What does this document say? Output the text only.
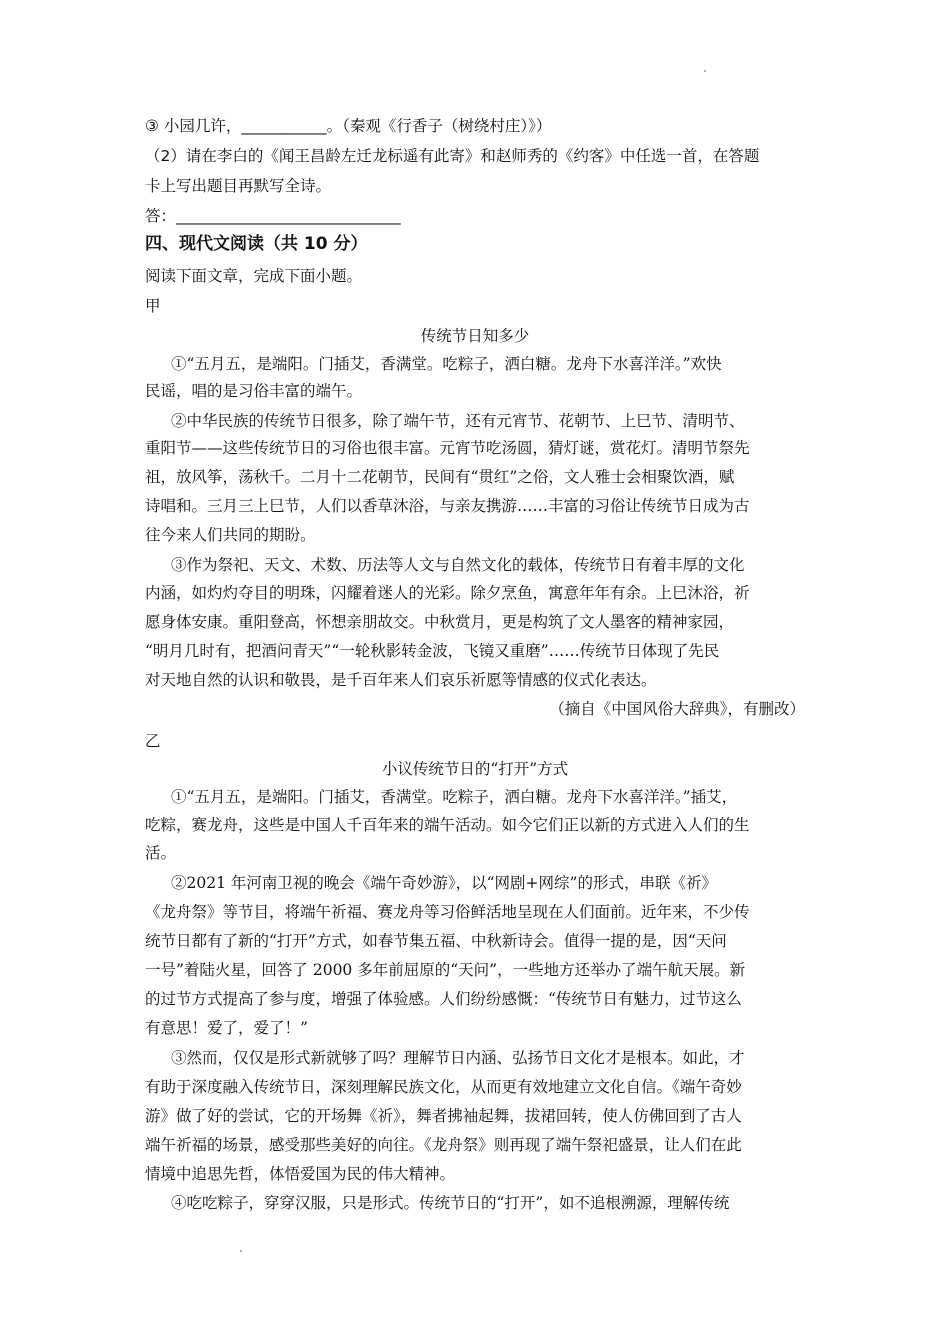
③ 小园几许，___________。（秦观《行香子（树绕村庄）》）
（2）请在李白的《闻王昌龄左迁龙标遥有此寄》和赵师秀的《约客》中任选一首，在答题
卡上写出题目再默写全诗。
答：_____________________________
四、现代文阅读（共 10 分）
阅读下面文章，完成下面小题。
甲
传统节日知多少
①“五月五，是端阳。门插艾，香满堂。吃粽子，洒白糖。龙舟下水喜洋洋。”欢快
民谣，唱的是习俗丰富的端午。
②中华民族的传统节日很多，除了端午节，还有元宵节、花朝节、上巳节、清明节、
重阳节——这些传统节日的习俗也很丰富。元宵节吃汤圆，猜灯谜，赏花灯。清明节祭先
祖，放风筝，荡秋千。二月十二花朝节，民间有“贯红”之俗，文人雅士会相聚饮酒，赋
诗唱和。三月三上巳节，人们以香草沐浴，与亲友携游……丰富的习俗让传统节日成为古
往今来人们共同的期盼。
③作为祭祀、天文、术数、历法等人文与自然文化的载体，传统节日有着丰厚的文化
内涵，如灼灼夺目的明珠，闪耀着迷人的光彩。除夕烹鱼，寓意年年有余。上巳沐浴，祈
愿身体安康。重阳登高，怀想亲朋故交。中秋赏月，更是构筑了文人墨客的精神家园，
“明月几时有，把酒问青天”“一轮秋影转金波，飞镜又重磨”……传统节日体现了先民
对天地自然的认识和敬畏，是千百年来人们哀乐祈愿等情感的仪式化表达。
（摘自《中国风俗大辞典》，有删改）
乙
小议传统节日的“打开”方式
①“五月五，是端阳。门插艾，香满堂。吃粽子，洒白糖。龙舟下水喜洋洋。”插艾，
吃粽，赛龙舟，这些是中国人千百年来的端午活动。如今它们正以新的方式进入人们的生
活。
②2021 年河南卫视的晚会《端午奇妙游》，以“网剧+网综”的形式，串联《祈》
《龙舟祭》等节目，将端午祈福、赛龙舟等习俗鲜活地呈现在人们面前。近年来，不少传
统节日都有了新的“打开”方式，如春节集五福、中秋新诗会。值得一提的是，因“天问
一号”着陆火星，回答了 2000 多年前屈原的“天问”，一些地方还举办了端午航天展。新
的过节方式提高了参与度，增强了体验感。人们纷纷感慨：“传统节日有魅力，过节这么
有意思！爱了，爱了！”
③然而，仅仅是形式新就够了吗？理解节日内涵、弘扬节日文化才是根本。如此，才
有助于深度融入传统节日，深刻理解民族文化，从而更有效地建立文化自信。《端午奇妙
游》做了好的尝试，它的开场舞《祈》，舞者拂袖起舞，拔裙回转，使人仿佛回到了古人
端午祈福的场景，感受那些美好的向往。《龙舟祭》则再现了端午祭祀盛景，让人们在此
情境中追思先哲，体悟爱国为民的伟大精神。
④吃吃粽子，穿穿汉服，只是形式。传统节日的“打开”，如不追根溯源，理解传统
